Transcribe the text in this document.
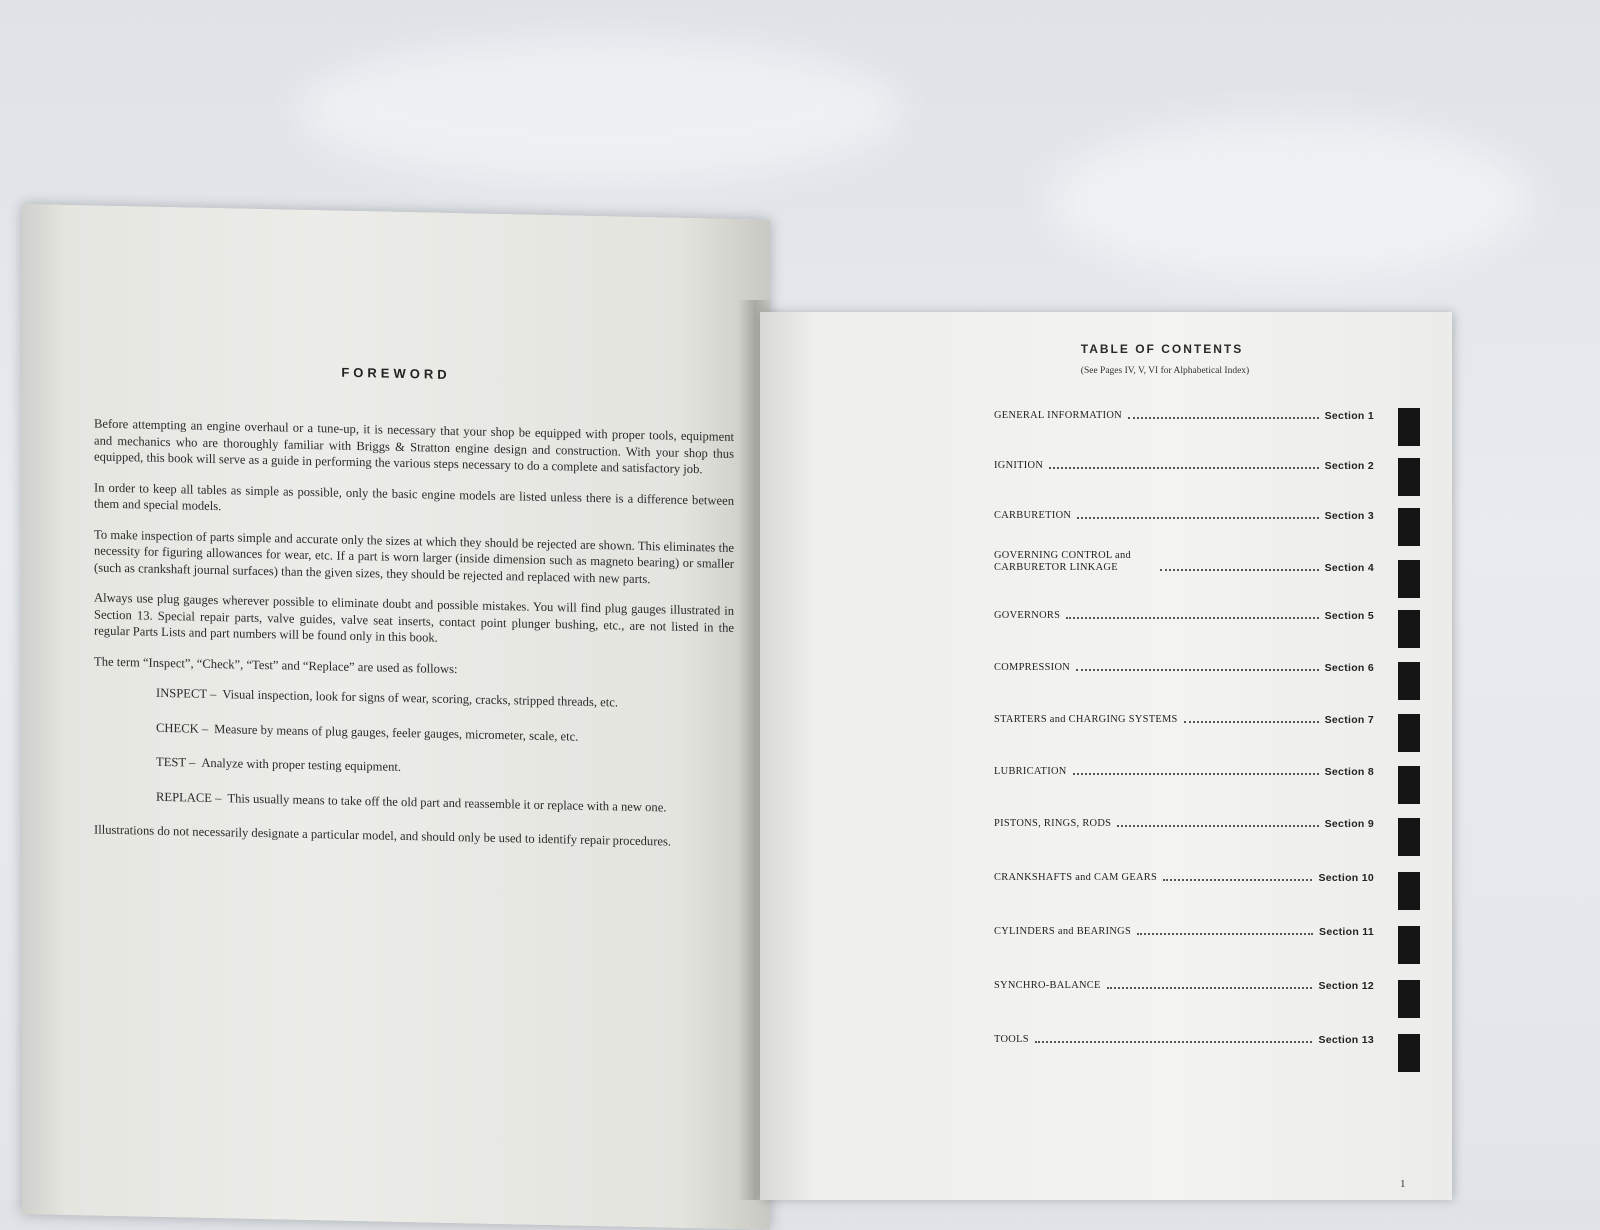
FOREWORD

Before attempting an engine overhaul or a tune-up, it is necessary that your shop be equipped with proper tools, equipment and mechanics who are thoroughly familiar with Briggs & Stratton engine design and construction. With your shop thus equipped, this book will serve as a guide in performing the various steps necessary to do a complete and satisfactory job.

In order to keep all tables as simple as possible, only the basic engine models are listed unless there is a difference between them and special models.

To make inspection of parts simple and accurate only the sizes at which they should be rejected are shown. This eliminates the necessity for figuring allowances for wear, etc. If a part is worn larger (inside dimension such as magneto bearing) or smaller (such as crankshaft journal surfaces) than the given sizes, they should be rejected and replaced with new parts.

Always use plug gauges wherever possible to eliminate doubt and possible mistakes. You will find plug gauges illustrated in Section 13. Special repair parts, valve guides, valve seat inserts, contact point plunger bushing, etc., are not listed in the regular Parts Lists and part numbers will be found only in this book.

The term “Inspect”, “Check”, “Test” and “Replace” are used as follows:

INSPECT – Visual inspection, look for signs of wear, scoring, cracks, stripped threads, etc.
CHECK – Measure by means of plug gauges, feeler gauges, micrometer, scale, etc.
TEST – Analyze with proper testing equipment.
REPLACE – This usually means to take off the old part and reassemble it or replace with a new one.

Illustrations do not necessarily designate a particular model, and should only be used to identify repair procedures.

TABLE OF CONTENTS
(See Pages IV, V, VI for Alphabetical Index)
GENERAL INFORMATION	Section 1
IGNITION	Section 2
CARBURETION	Section 3
GOVERNING CONTROL and CARBURETOR LINKAGE	Section 4
GOVERNORS	Section 5
COMPRESSION	Section 6
STARTERS and CHARGING SYSTEMS	Section 7
LUBRICATION	Section 8
PISTONS, RINGS, RODS	Section 9
CRANKSHAFTS and CAM GEARS	Section 10
CYLINDERS and BEARINGS	Section 11
SYNCHRO-BALANCE	Section 12
TOOLS	Section 13
1
